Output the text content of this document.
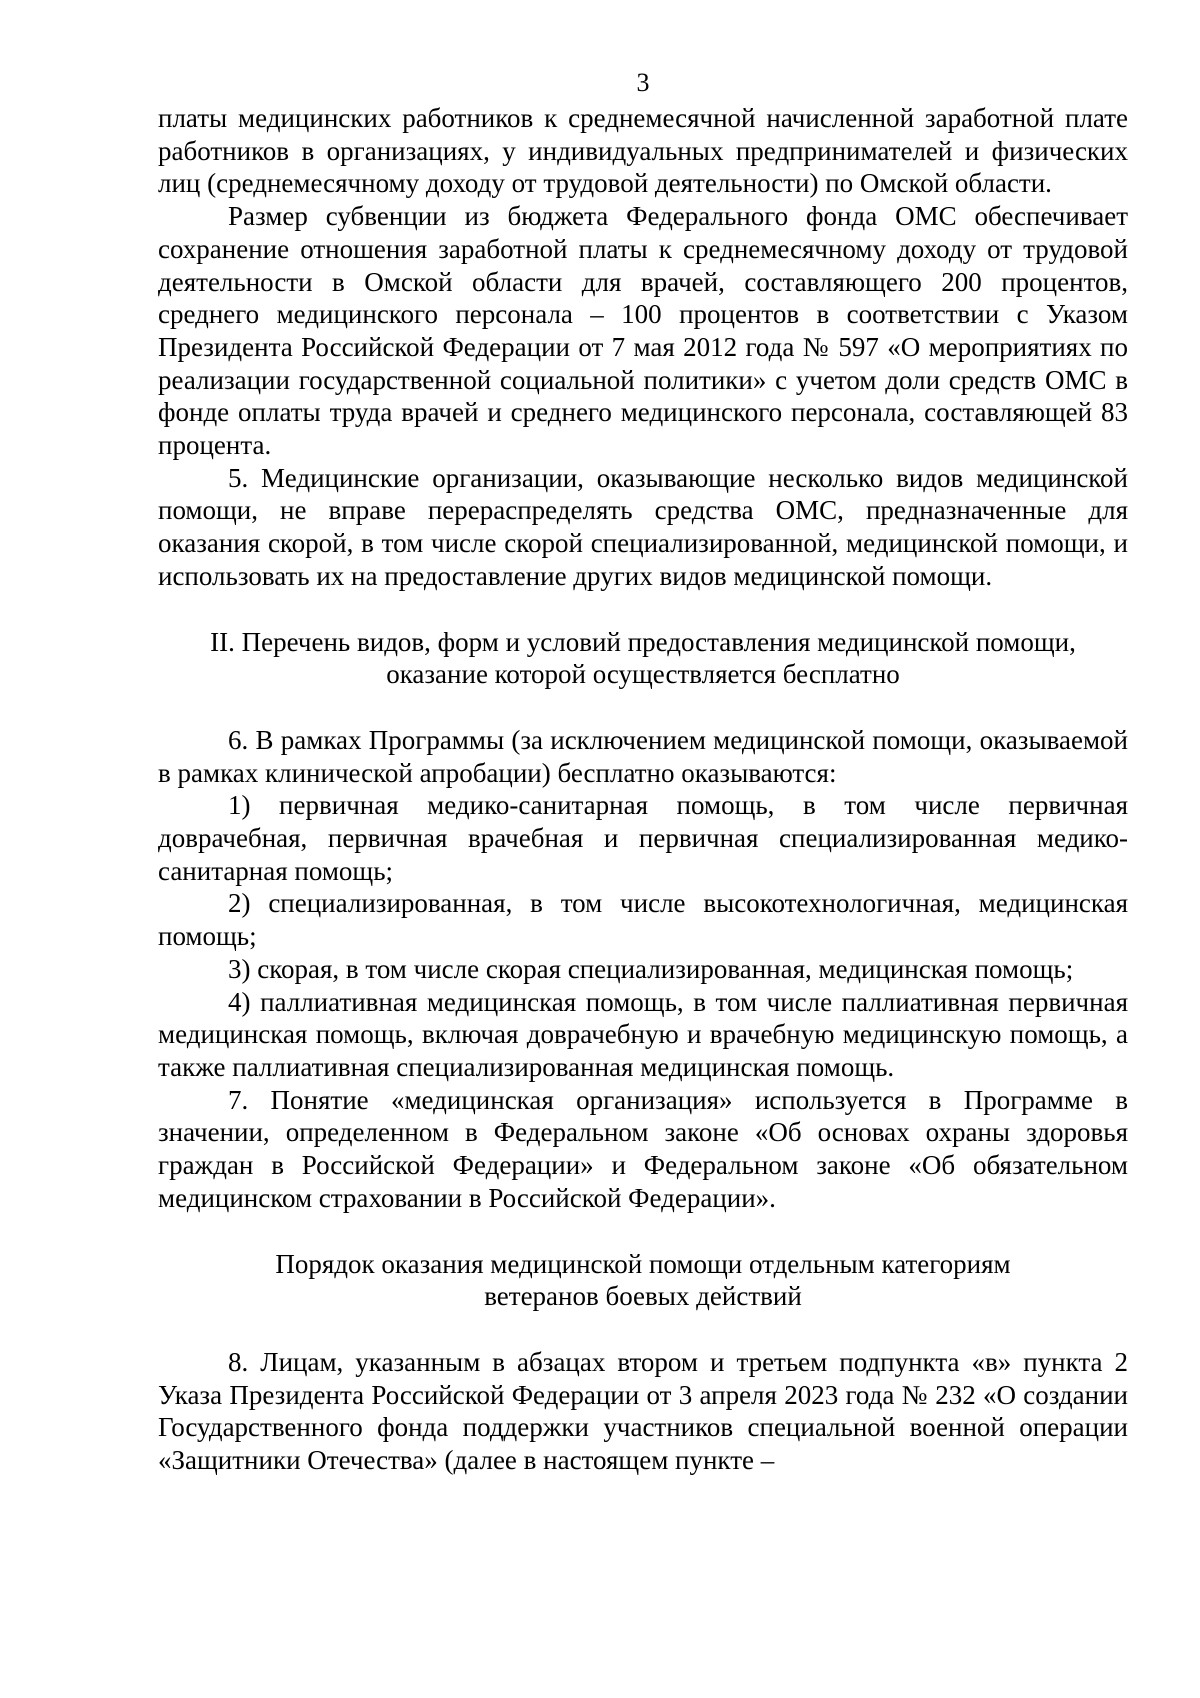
3

платы медицинских работников к среднемесячной начисленной заработной плате работников в организациях, у индивидуальных предпринимателей и физических лиц (среднемесячному доходу от трудовой деятельности) по Омской области.

Размер субвенции из бюджета Федерального фонда ОМС обеспечивает сохранение отношения заработной платы к среднемесячному доходу от трудовой деятельности в Омской области для врачей, составляющего 200 процентов, среднего медицинского персонала – 100 процентов в соответствии с Указом Президента Российской Федерации от 7 мая 2012 года № 597 «О мероприятиях по реализации государственной социальной политики» с учетом доли средств ОМС в фонде оплаты труда врачей и среднего медицинского персонала, составляющей 83 процента.

5. Медицинские организации, оказывающие несколько видов медицинской помощи, не вправе перераспределять средства ОМС, предназначенные для оказания скорой, в том числе скорой специализированной, медицинской помощи, и использовать их на предоставление других видов медицинской помощи.

II. Перечень видов, форм и условий предоставления медицинской помощи,
оказание которой осуществляется бесплатно

6. В рамках Программы (за исключением медицинской помощи, оказываемой в рамках клинической апробации) бесплатно оказываются:

1) первичная медико-санитарная помощь, в том числе первичная доврачебная, первичная врачебная и первичная специализированная медико-санитарная помощь;

2) специализированная, в том числе высокотехнологичная, медицинская помощь;

3) скорая, в том числе скорая специализированная, медицинская помощь;

4) паллиативная медицинская помощь, в том числе паллиативная первичная медицинская помощь, включая доврачебную и врачебную медицинскую помощь, а также паллиативная специализированная медицинская помощь.

7. Понятие «медицинская организация» используется в Программе в значении, определенном в Федеральном законе «Об основах охраны здоровья граждан в Российской Федерации» и Федеральном законе «Об обязательном медицинском страховании в Российской Федерации».

Порядок оказания медицинской помощи отдельным категориям
ветеранов боевых действий

8. Лицам, указанным в абзацах втором и третьем подпункта «в» пункта 2 Указа Президента Российской Федерации от 3 апреля 2023 года № 232 «О создании Государственного фонда поддержки участников специальной военной операции «Защитники Отечества» (далее в настоящем пункте –
